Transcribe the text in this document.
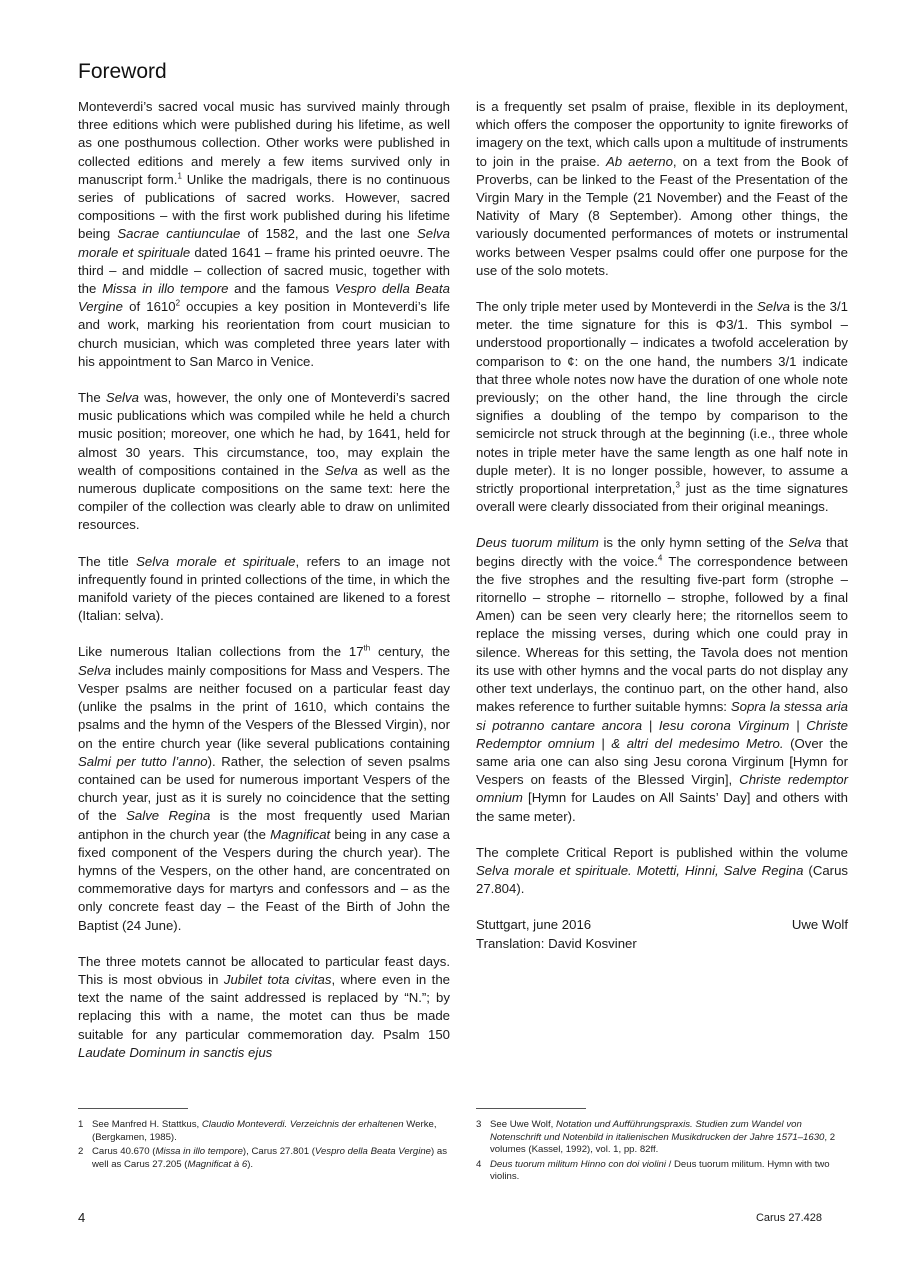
Foreword

Monteverdi’s sacred vocal music has survived mainly through three editions which were published during his lifetime, as well as one posthumous collection. Other works were published in collected editions and merely a few items survived only in manuscript form.$^1$ Unlike the madrigals, there is no continuous series of publications of sacred works. However, sacred compositions – with the first work published during his lifetime being Sacrae cantiunculae of 1582, and the last one Selva morale et spirituale dated 1641 – frame his printed oeuvre. The third – and middle – collection of sacred music, together with the Missa in illo tempore and the famous Vespro della Beata Vergine of 1610$^2$ occupies a key position in Monteverdi’s life and work, marking his reorientation from court musician to church musician, which was completed three years later with his appointment to San Marco in Venice.

The Selva was, however, the only one of Monteverdi’s sacred music publications which was compiled while he held a church music position; moreover, one which he had, by 1641, held for almost 30 years. This circumstance, too, may explain the wealth of compositions contained in the Selva as well as the numerous duplicate compositions on the same text: here the compiler of the collection was clearly able to draw on unlimited resources.

The title Selva morale et spirituale, refers to an image not infrequently found in printed collections of the time, in which the manifold variety of the pieces contained are likened to a forest (Italian: selva).

Like numerous Italian collections from the 17th century, the Selva includes mainly compositions for Mass and Vespers. The Vesper psalms are neither focused on a particular feast day (unlike the psalms in the print of 1610, which contains the psalms and the hymn of the Vespers of the Blessed Virgin), nor on the entire church year (like several publications containing Salmi per tutto l’anno). Rather, the selection of seven psalms contained can be used for numerous important Vespers of the church year, just as it is surely no coincidence that the setting of the Salve Regina is the most frequently used Marian antiphon in the church year (the Magnificat being in any case a fixed component of the Vespers during the church year). The hymns of the Vespers, on the other hand, are concentrated on commemorative days for martyrs and confessors and – as the only concrete feast day – the Feast of the Birth of John the Baptist (24 June).

The three motets cannot be allocated to particular feast days. This is most obvious in Jubilet tota civitas, where even in the text the name of the saint addressed is replaced by “N.”; by replacing this with a name, the motet can thus be made suitable for any particular commemoration day. Psalm 150 Laudate Dominum in sanctis ejus

is a frequently set psalm of praise, flexible in its deployment, which offers the composer the opportunity to ignite fireworks of imagery on the text, which calls upon a multitude of instruments to join in the praise. Ab aeterno, on a text from the Book of Proverbs, can be linked to the Feast of the Presentation of the Virgin Mary in the Temple (21 November) and the Feast of the Nativity of Mary (8 September). Among other things, the variously documented performances of motets or instrumental works between Vesper psalms could offer one purpose for the use of the solo motets.

The only triple meter used by Monteverdi in the Selva is the 3/1 meter. the time signature for this is Φ3/1. This symbol – understood proportionally – indicates a twofold acceleration by comparison to ¢: on the one hand, the numbers 3/1 indicate that three whole notes now have the duration of one whole note previously; on the other hand, the line through the circle signifies a doubling of the tempo by comparison to the semicircle not struck through at the beginning (i.e., three whole notes in triple meter have the same length as one half note in duple meter). It is no longer possible, however, to assume a strictly proportional interpretation,$^3$ just as the time signatures overall were clearly dissociated from their original meanings.

Deus tuorum militum is the only hymn setting of the Selva that begins directly with the voice.$^4$ The correspondence between the five strophes and the resulting five-part form (strophe – ritornello – strophe – ritornello – strophe, followed by a final Amen) can be seen very clearly here; the ritornellos seem to replace the missing verses, during which one could pray in silence. Whereas for this setting, the Tavola does not mention its use with other hymns and the vocal parts do not display any other text underlays, the continuo part, on the other hand, also makes reference to further suitable hymns: Sopra la stessa aria si potranno cantare ancora | Iesu corona Virginum | Christe Redemptor omnium | & altri del medesimo Metro. (Over the same aria one can also sing Jesu corona Virginum [Hymn for Vespers on feasts of the Blessed Virgin], Christe redemptor omnium [Hymn for Laudes on All Saints’ Day] and others with the same meter).

The complete Critical Report is published within the volume Selva morale et spirituale. Motetti, Hinni, Salve Regina (Carus 27.804).

Stuttgart, june 2016	Uwe Wolf
Translation: David Kosviner
1 See Manfred H. Stattkus, Claudio Monteverdi. Verzeichnis der erhaltenen Werke, (Bergkamen, 1985).
2 Carus 40.670 (Missa in illo tempore), Carus 27.801 (Vespro della Beata Vergine) as well as Carus 27.205 (Magnificat à 6).
3 See Uwe Wolf, Notation und Aufführungspraxis. Studien zum Wandel von Notenschrift und Notenbild in italienischen Musikdrucken der Jahre 1571–1630, 2 volumes (Kassel, 1992), vol. 1, pp. 82ff.
4 Deus tuorum militum Hinno con doi violini / Deus tuorum militum. Hymn with two violins.
4	Carus 27.428
